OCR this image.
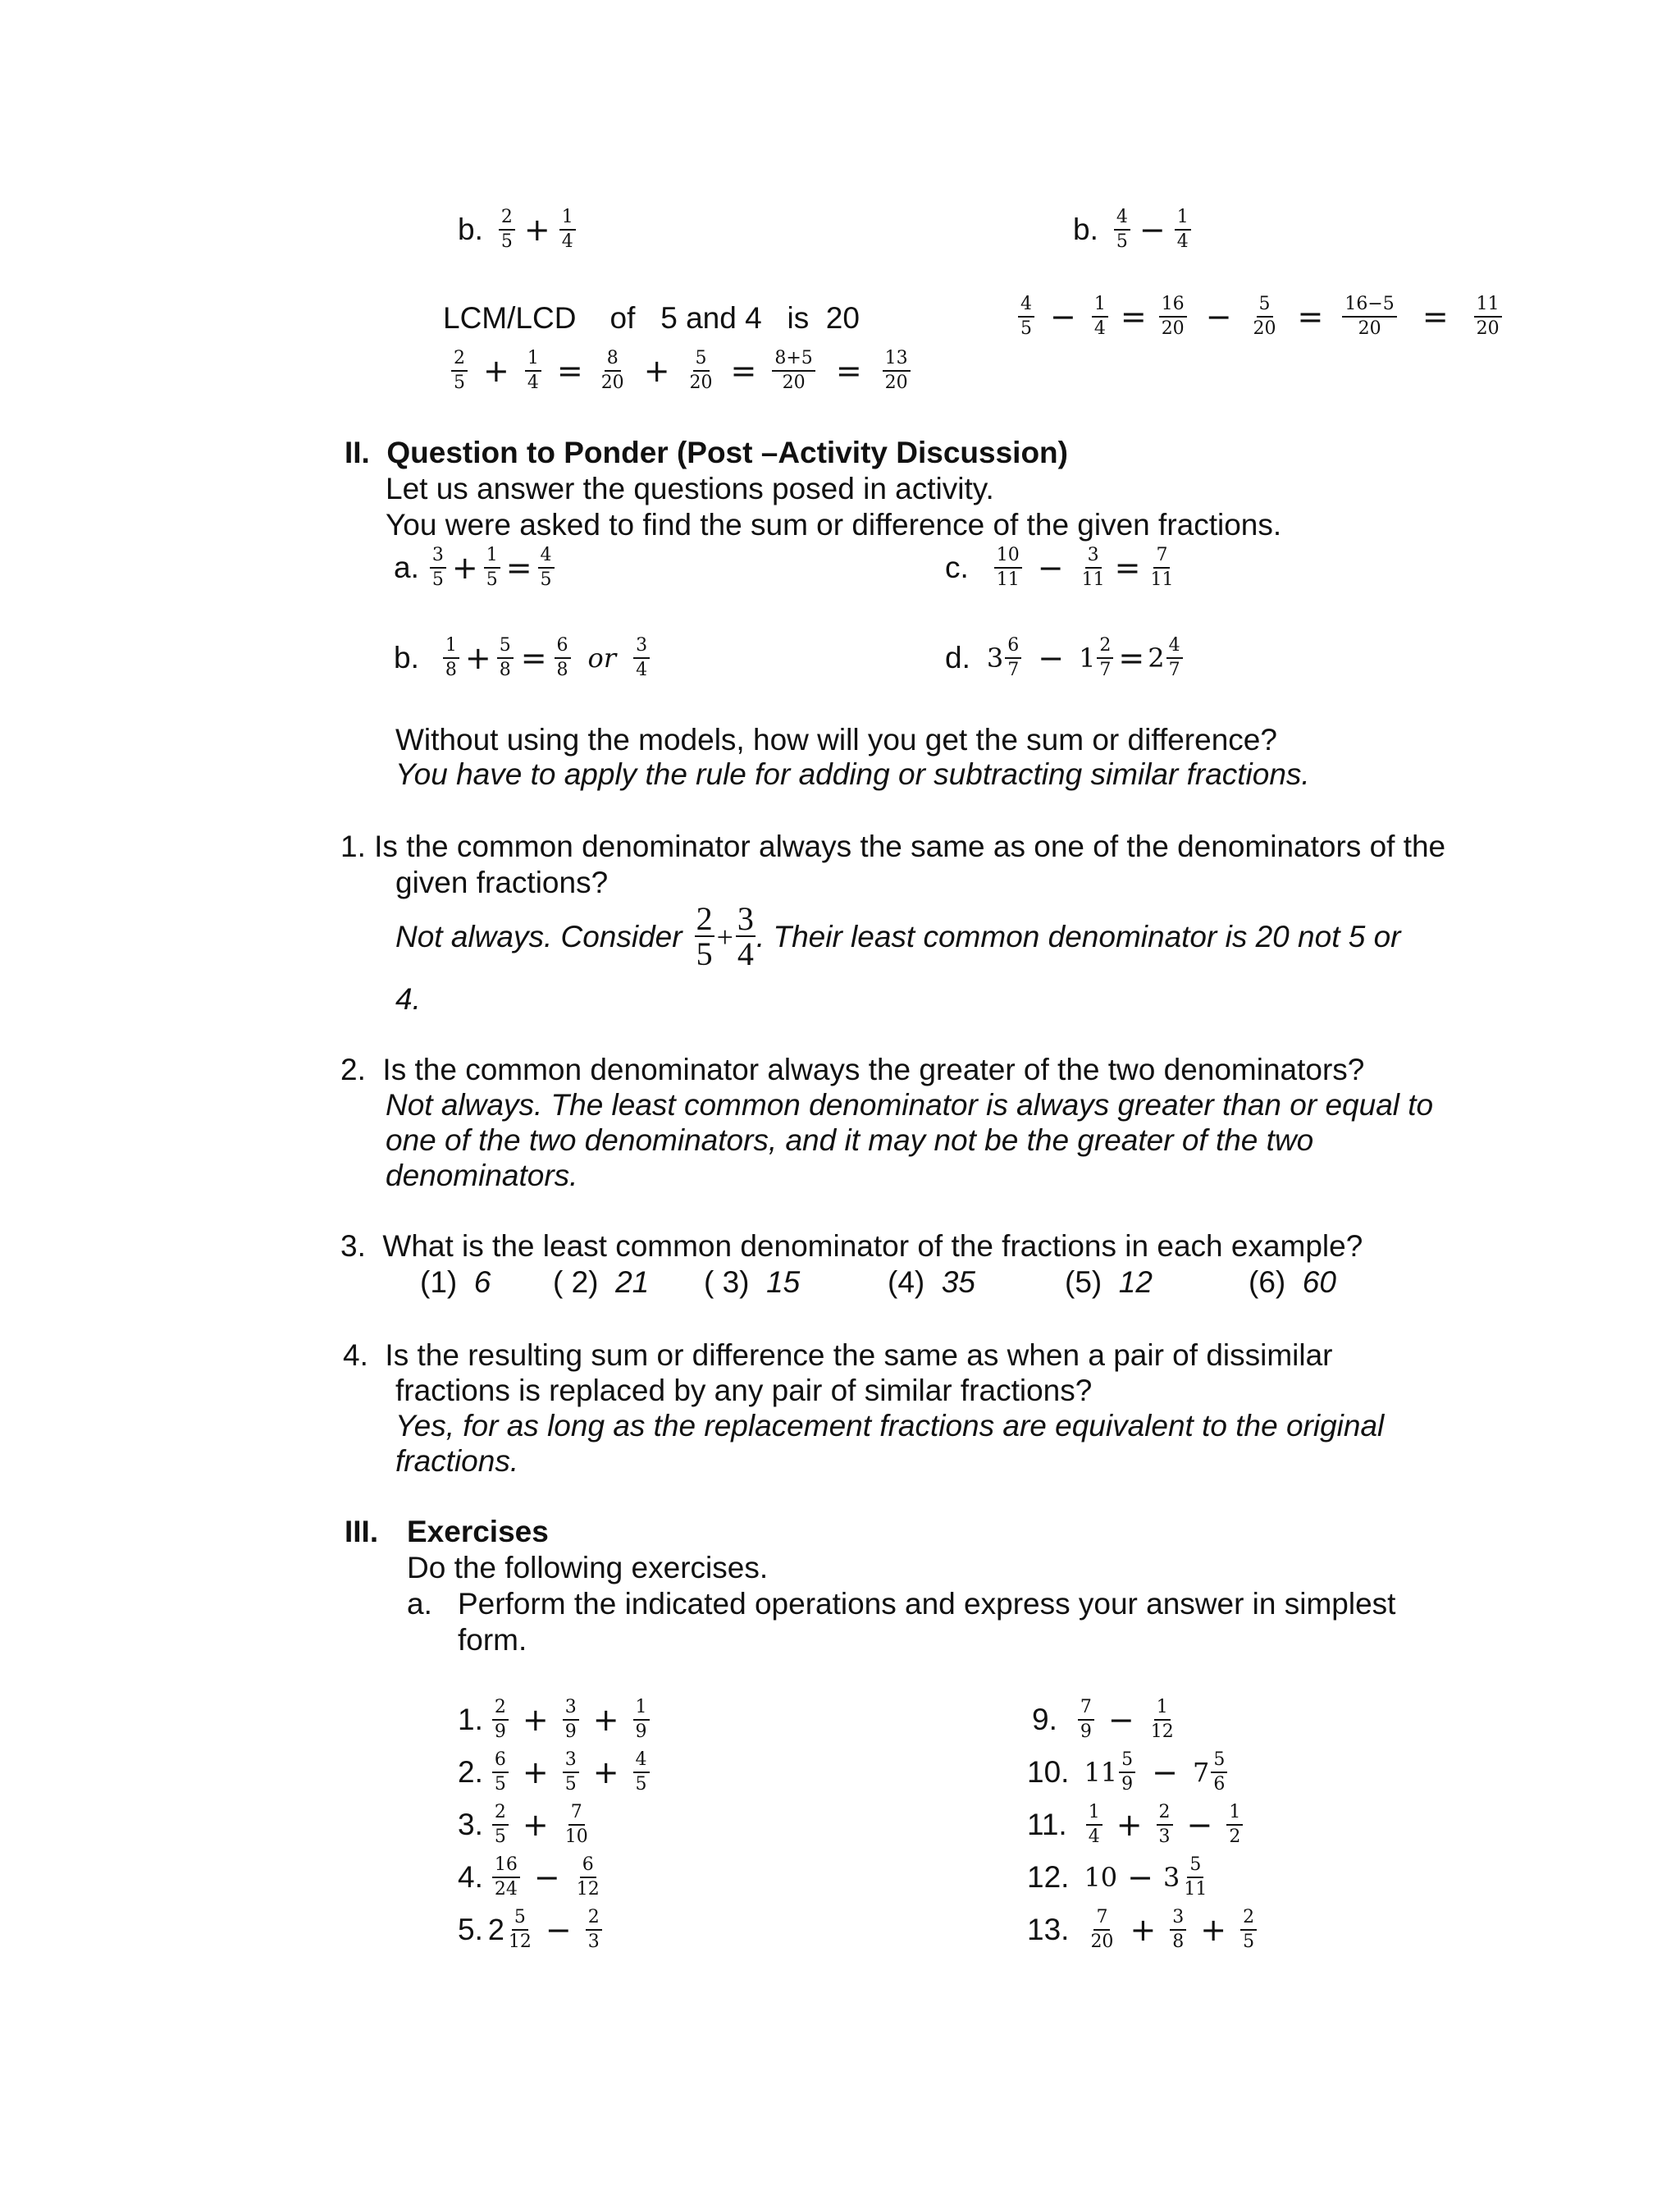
b. $\frac{2}{5} + \frac{1}{4}$	b. $\frac{4}{5} - \frac{1}{4}$
LCM/LCD    of   5 and 4   is  20
$\frac{2}{5} + \frac{1}{4} = \frac{8}{20} + \frac{5}{20} = \frac{8+5}{20} = \frac{13}{20}$
$\frac{4}{5} - \frac{1}{4} = \frac{16}{20} - \frac{5}{20} = \frac{16-5}{20} = \frac{11}{20}$
II.  Question to Ponder (Post –Activity Discussion)
Let us answer the questions posed in activity.
You were asked to find the sum or difference of the given fractions.
a. $\frac{3}{5} + \frac{1}{5} = \frac{4}{5}$	c. $\frac{10}{11} - \frac{3}{11} = \frac{7}{11}$
b. $\frac{1}{8} + \frac{5}{8} = \frac{6}{8}$ or $\frac{3}{4}$	d. $3 \frac{6}{7} - 1 \frac{2}{7} = 2 \frac{4}{7}$
Without using the models, how will you get the sum or difference?
You have to apply the rule for adding or subtracting similar fractions.
1. Is the common denominator always the same as one of the denominators of the
given fractions?
Not always. Consider $\frac{2}{5} + \frac{3}{4}$ . Their least common denominator is 20 not 5 or
4.
2.  Is the common denominator always the greater of the two denominators?
Not always. The least common denominator is always greater than or equal to
one of the two denominators, and it may not be the greater of the two
denominators.
3.  What is the least common denominator of the fractions in each example?
(1) 6 ( 2) 21 ( 3) 15	(4) 35	(5) 12	(6) 60
4.  Is the resulting sum or difference the same as when a pair of dissimilar
fractions is replaced by any pair of similar fractions?
Yes, for as long as the replacement fractions are equivalent to the original
fractions.
III. Exercises
Do the following exercises.
a. Perform the indicated operations and express your answer in simplest
form.
1. $\frac{2}{9} + \frac{3}{9} + \frac{1}{9}$
2. $\frac{6}{5} + \frac{3}{5} + \frac{4}{5}$
3. $\frac{2}{5} + \frac{7}{10}$
4. $\frac{16}{24} - \frac{6}{12}$
5. $2 \frac{5}{12} - \frac{2}{3}$
9. $\frac{7}{9} - \frac{1}{12}$
10. $11 \frac{5}{9} - 7 \frac{5}{6}$
11. $\frac{1}{4} + \frac{2}{3} - \frac{1}{2}$
12. $10 - 3 \frac{5}{11}$
13. $\frac{7}{20} + \frac{3}{8} + \frac{2}{5}$
